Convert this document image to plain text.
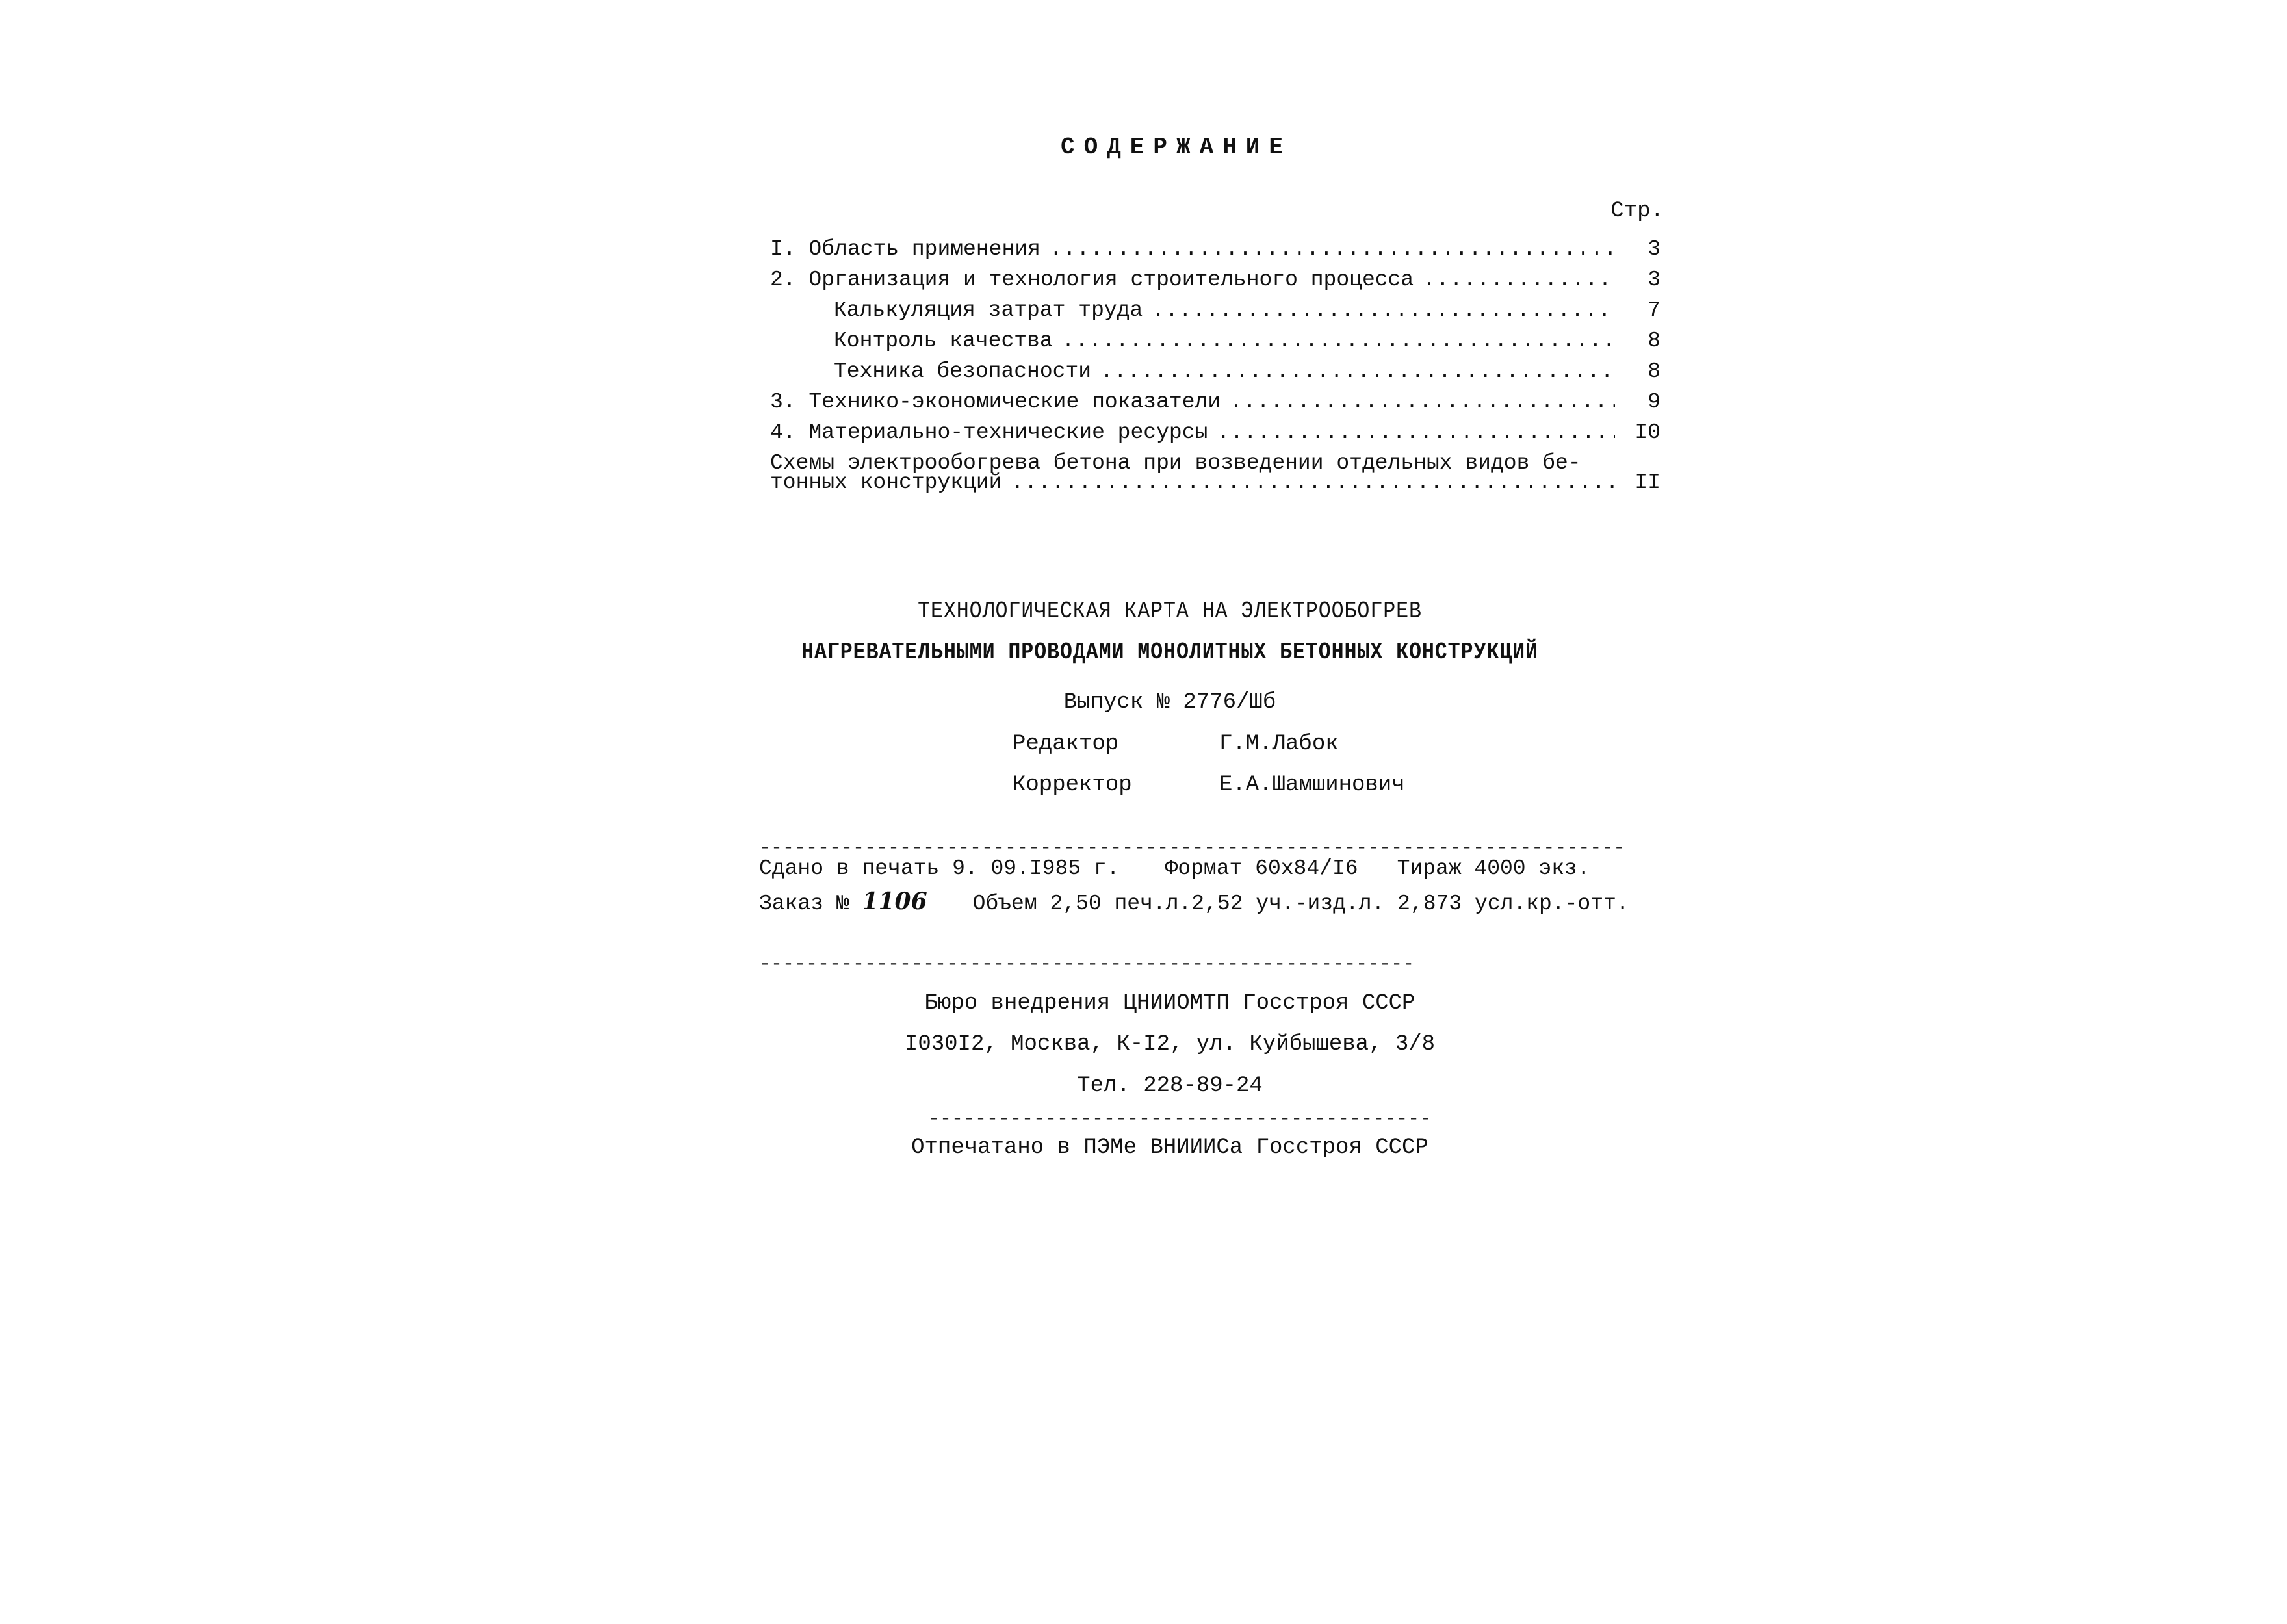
СОДЕРЖАНИЕ
Стр.
I. Область применения .....	3
2. Организация и технология строительного процесса .....	3
Калькуляция затрат труда .....	7
Контроль качества .....	8
Техника безопасности .....	8
3. Технико-экономические показатели .....	9
4. Материально-технические ресурсы .....	I0
Схемы электрообогрева бетона при возведении отдельных видов бе-
тонных конструкций .....	II
ТЕХНОЛОГИЧЕСКАЯ КАРТА НА ЭЛЕКТРООБОГРЕВ
НАГРЕВАТЕЛЬНЫМИ ПРОВОДАМИ МОНОЛИТНЫХ БЕТОННЫХ КОНСТРУКЦИЙ
Выпуск № 2776/Шб
Редактор	Г.М.Лабок
Корректор	Е.А.Шамшинович
-----
Сдано в печать 9. 09.I985 г. Формат 60х84/I6 Тираж 4000 экз.
Заказ № 1106 Объем 2,50 печ.л.2,52 уч.-изд.л. 2,873 усл.кр.-отт.
-----
Бюро внедрения ЦНИИОМТП Госстроя СССР
I030I2, Москва, К-I2, ул. Куйбышева, 3/8
Тел. 228-89-24
-----
Отпечатано в ПЭМе ВНИИИСа Госстроя СССР
